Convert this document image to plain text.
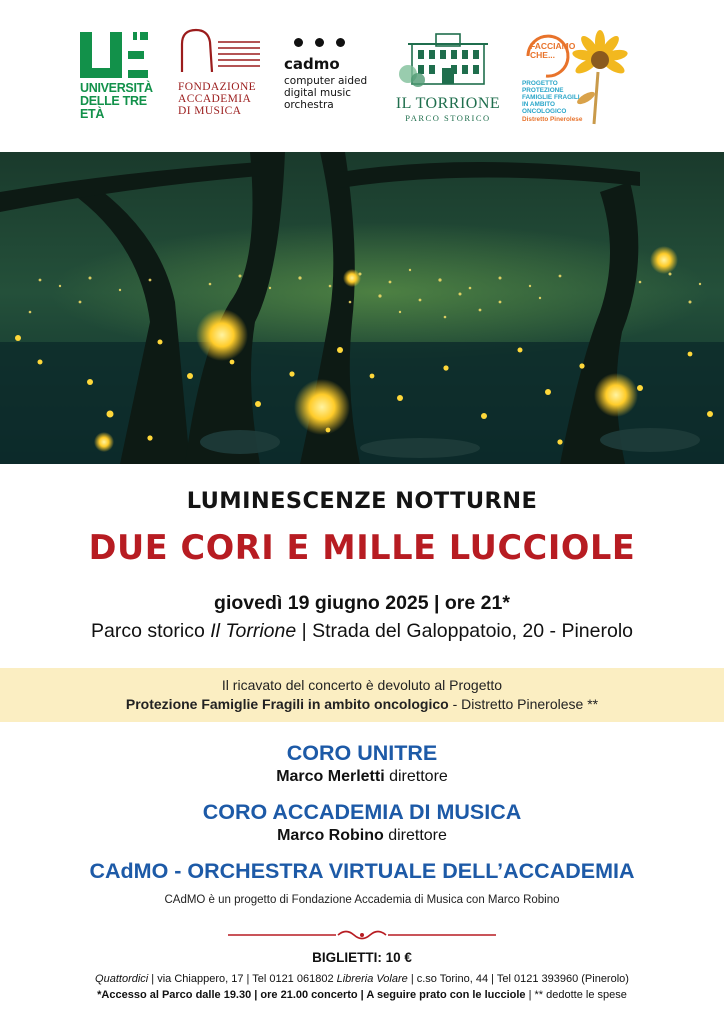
UNIVERSITÀ
DELLE TRE ETÀ
FONDAZIONE
ACCADEMIA
DI MUSICA
cadmo
computer aided
digital music
orchestra	IL TORRIONE
PARCO STORICO
FACCIAMO
CHE...
PROGETTO
PROTEZIONE
FAMIGLIE FRAGILI
IN AMBITO
ONCOLOGICO
Distretto Pinerolese
LUMINESCENZE NOTTURNE
DUE CORI E MILLE LUCCIOLE
giovedì 19 giugno 2025 | ore 21*
Parco storico Il Torrione | Strada del Galoppatoio, 20 - Pinerolo
Il ricavato del concerto è devoluto al Progetto
Protezione Famiglie Fragili in ambito oncologico - Distretto Pinerolese **
CORO UNITRE
Marco Merletti direttore
CORO ACCADEMIA DI MUSICA
Marco Robino direttore
CAdMO - ORCHESTRA VIRTUALE DELL’ACCADEMIA
CAdMO è un progetto di Fondazione Accademia di Musica con Marco Robino
BIGLIETTI: 10 €
Quattordici | via Chiappero, 17 | Tel 0121 061802 Libreria Volare | c.so Torino, 44 | Tel 0121 393960 (Pinerolo)
*Accesso al Parco dalle 19.30 | ore 21.00 concerto | A seguire prato con le lucciole | ** dedotte le spese
